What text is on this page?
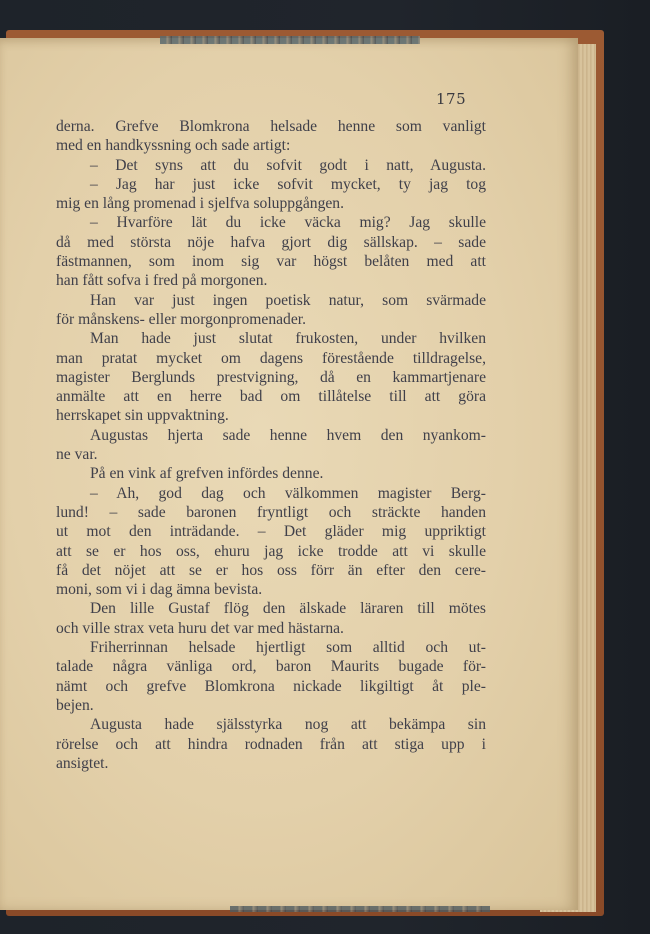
175
derna. Grefve Blomkrona helsade henne som vanligt
med en handkyssning och sade artigt:
– Det syns att du sofvit godt i natt, Augusta.
– Jag har just icke sofvit mycket, ty jag tog
mig en lång promenad i sjelfva soluppgången.
– Hvarföre lät du icke väcka mig? Jag skulle
då med största nöje hafva gjort dig sällskap. – sade
fästmannen, som inom sig var högst belåten med att
han fått sofva i fred på morgonen.
Han var just ingen poetisk natur, som svärmade
för månskens- eller morgonpromenader.
Man hade just slutat frukosten, under hvilken
man pratat mycket om dagens förestående tilldragelse,
magister Berglunds prestvigning, då en kammartjenare
anmälte att en herre bad om tillåtelse till att göra
herrskapet sin uppvaktning.
Augustas hjerta sade henne hvem den nyankom-
ne var.
På en vink af grefven infördes denne.
– Ah, god dag och välkommen magister Berg-
lund! – sade baronen fryntligt och sträckte handen
ut mot den inträdande. – Det gläder mig uppriktigt
att se er hos oss, ehuru jag icke trodde att vi skulle
få det nöjet att se er hos oss förr än efter den cere-
moni, som vi i dag ämna bevista.
Den lille Gustaf flög den älskade läraren till mötes
och ville strax veta huru det var med hästarna.
Friherrinnan helsade hjertligt som alltid och ut-
talade några vänliga ord, baron Maurits bugade för-
nämt och grefve Blomkrona nickade likgiltigt åt ple-
bejen.
Augusta hade själsstyrka nog att bekämpa sin
rörelse och att hindra rodnaden från att stiga upp i
ansigtet.
